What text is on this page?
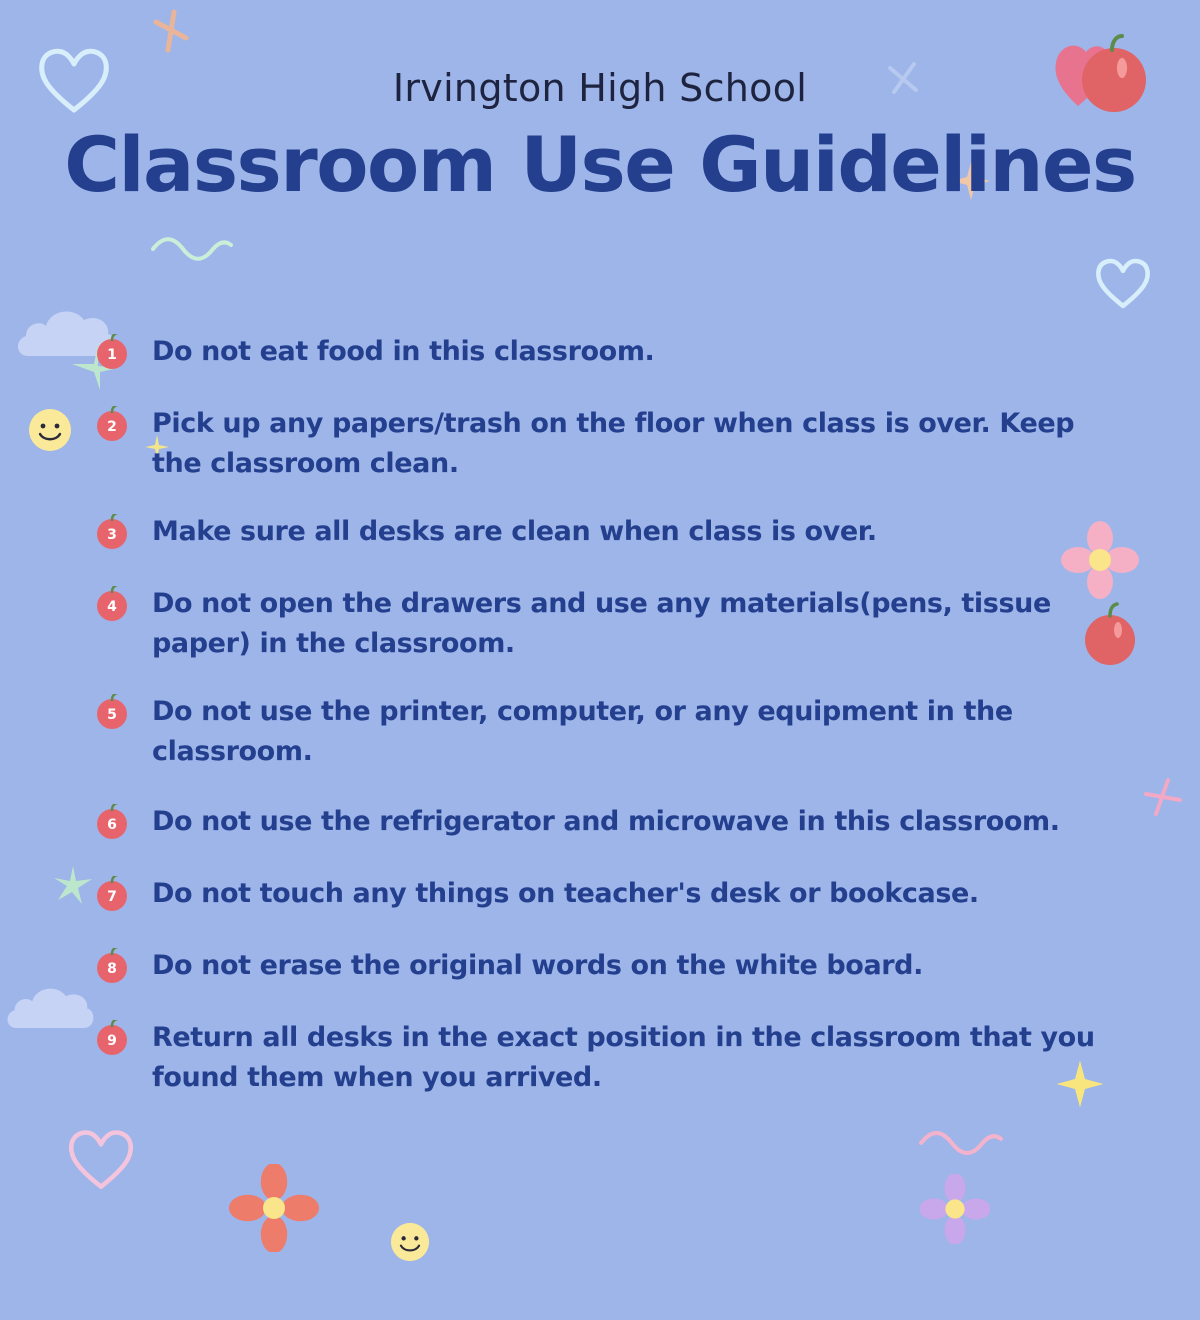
Irvington High School
Classroom Use Guidelines
1 Do not eat food in this classroom.
2 Pick up any papers/trash on the floor when class is over. Keep the classroom clean.
3 Make sure all desks are clean when class is over.
4 Do not open the drawers and use any materials(pens, tissue paper) in the classroom.
5 Do not use the printer, computer, or any equipment in the classroom.
6 Do not use the refrigerator and microwave in this classroom.
7 Do not touch any things on teacher's desk or bookcase.
8 Do not erase the original words on the white board.
9 Return all desks in the exact position in the classroom that you found them when you arrived.
